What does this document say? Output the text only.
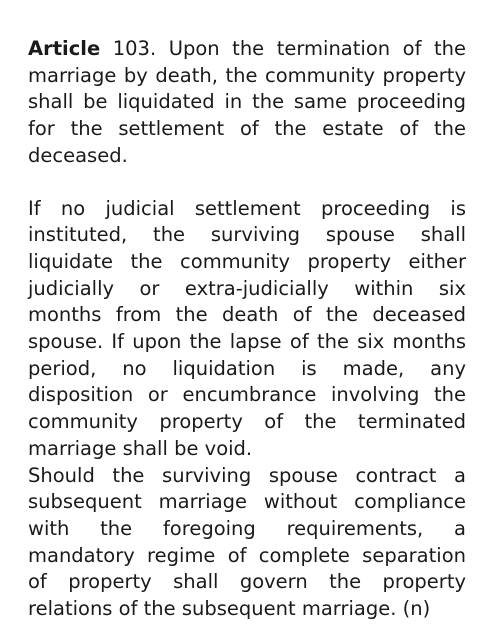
Article 103. Upon the termination of the marriage by death, the community property shall be liquidated in the same proceeding for the settlement of the estate of the deceased.

If no judicial settlement proceeding is instituted, the surviving spouse shall liquidate the community property either judicially or extra-judicially within six months from the death of the deceased spouse. If upon the lapse of the six months period, no liquidation is made, any disposition or encumbrance involving the community property of the terminated marriage shall be void.

Should the surviving spouse contract a subsequent marriage without compliance with the foregoing requirements, a mandatory regime of complete separation of property shall govern the property relations of the subsequent marriage. (n)
